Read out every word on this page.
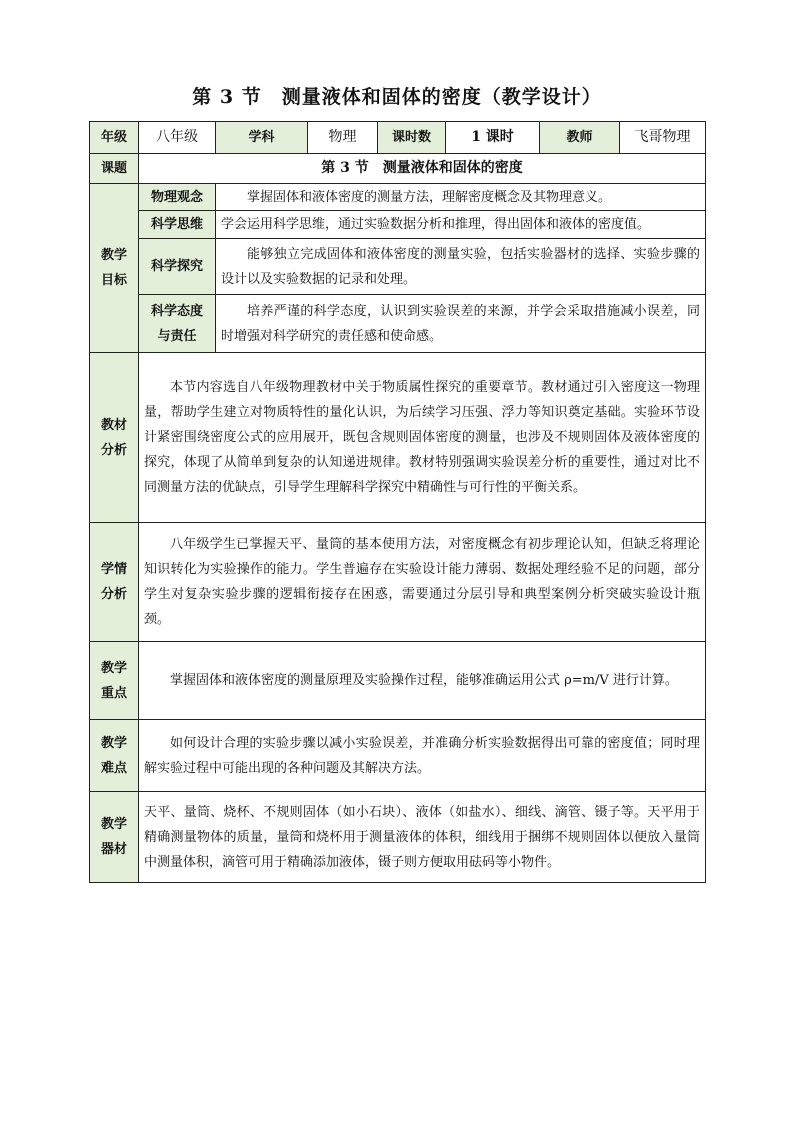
第 3 节　测量液体和固体的密度（教学设计）
年级	八年级	学科	物理	课时数	1 课时	教师	飞哥物理
课题	第 3 节　测量液体和固体的密度						

教学
目标	物理观念	掌握固体和液体密度的测量方法，理解密度概念及其物理意义。					
	科学思维	学会运用科学思维，通过实验数据分析和推理，得出固体和液体的密度值。					
	科学探究	能够独立完成固体和液体密度的测量实验，包括实验器材的选择、实验步骤的设计以及实验数据的记录和处理。					

	科学态度
与责任	培养严谨的科学态度，认识到实验误差的来源，并学会采取措施减小误差，同时增强对科学研究的责任感和使命感。					

教材
分析	本节内容选自八年级物理教材中关于物质属性探究的重要章节。教材通过引入密度这一物理量，帮助学生建立对物质特性的量化认识，为后续学习压强、浮力等知识奠定基础。实验环节设计紧密围绕密度公式的应用展开，既包含规则固体密度的测量，也涉及不规则固体及液体密度的探究，体现了从简单到复杂的认知递进规律。教材特别强调实验误差分析的重要性，通过对比不同测量方法的优缺点，引导学生理解科学探究中精确性与可行性的平衡关系。						

学情
分析	八年级学生已掌握天平、量筒的基本使用方法，对密度概念有初步理论认知，但缺乏将理论知识转化为实验操作的能力。学生普遍存在实验设计能力薄弱、数据处理经验不足的问题，部分学生对复杂实验步骤的逻辑衔接存在困惑，需要通过分层引导和典型案例分析突破实验设计瓶颈。						

教学
重点	掌握固体和液体密度的测量原理及实验操作过程，能够准确运用公式 ρ=m/V 进行计算。						

教学
难点	如何设计合理的实验步骤以减小实验误差，并准确分析实验数据得出可靠的密度值；同时理解实验过程中可能出现的各种问题及其解决方法。						

教学
器材	天平、量筒、烧杯、不规则固体（如小石块）、液体（如盐水）、细线、滴管、镊子等。天平用于精确测量物体的质量，量筒和烧杯用于测量液体的体积，细线用于捆绑不规则固体以便放入量筒中测量体积，滴管可用于精确添加液体，镊子则方便取用砝码等小物件。						
